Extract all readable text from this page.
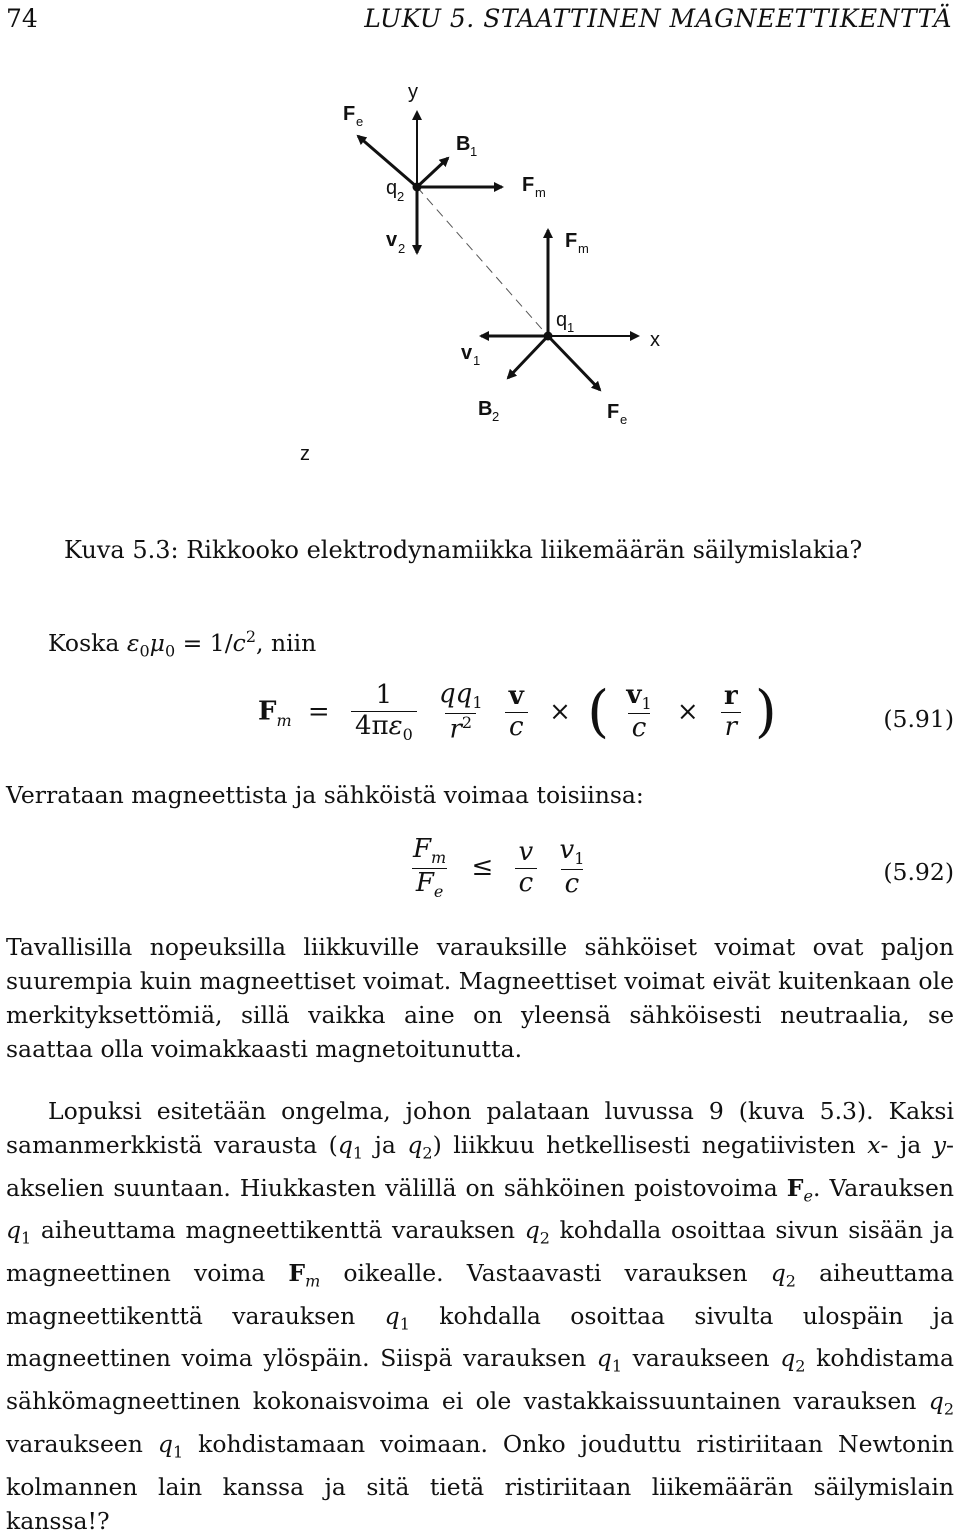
74	LUKU 5. STAATTINEN MAGNEETTIKENTTÄ
y
x
z
F e
B 1
q 2
F m
v 2	F m
q 1
v 1
B 2	F e
Kuva 5.3: Rikkooko elektrodynamiikka liikemäärän säilymislakia?
Koska $\varepsilon_0\mu_0 = 1/c^2$, niin
$F_m = \frac{1}{4\pi\varepsilon_0}$
$\frac{qq_1}{r^2}$
$\frac{v}{c}$ × ( $\frac{v_1}{c} \times \frac{r}{r}$ )	(5.91)
Verrataan magneettista ja sähköistä voimaa toisiinsa:
$\frac{F_m}{F_e} \le \frac{v}{c}$
$\frac{v_1}{c}$	(5.92)
Tavallisilla nopeuksilla liikkuville varauksille sähköiset voimat ovat paljon suurempia kuin magneettiset voimat. Magneettiset voimat eivät kuitenkaan ole merkityksettömiä, sillä vaikka aine on yleensä sähköisesti neutraalia, se saattaa olla voimakkaasti magnetoitunutta.
Lopuksi esitetään ongelma, johon palataan luvussa 9 (kuva 5.3). Kaksi samanmerkkistä varausta ($q_1$ ja $q_2$) liikkuu hetkellisesti negatiivisten x- ja y-akselien suuntaan. Hiukkasten välillä on sähköinen poistovoima $F_e$. Varauksen $q_1$ aiheuttama magneettikenttä varauksen $q_2$ kohdalla osoittaa sivun sisään ja magneettinen voima $F_m$ oikealle. Vastaavasti varauksen $q_2$ aiheuttama magneettikenttä varauksen $q_1$ kohdalla osoittaa sivulta ulospäin ja magneettinen voima ylöspäin. Siispä varauksen $q_1$ varaukseen $q_2$ kohdistama sähkömagneettinen kokonaisvoima ei ole vastakkaissuuntainen varauksen $q_2$ varaukseen $q_1$ kohdistamaan voimaan. Onko jouduttu ristiriitaan Newtonin kolmannen lain kanssa ja sitä tietä ristiriitaan liikemäärän säilymislain kanssa!?
